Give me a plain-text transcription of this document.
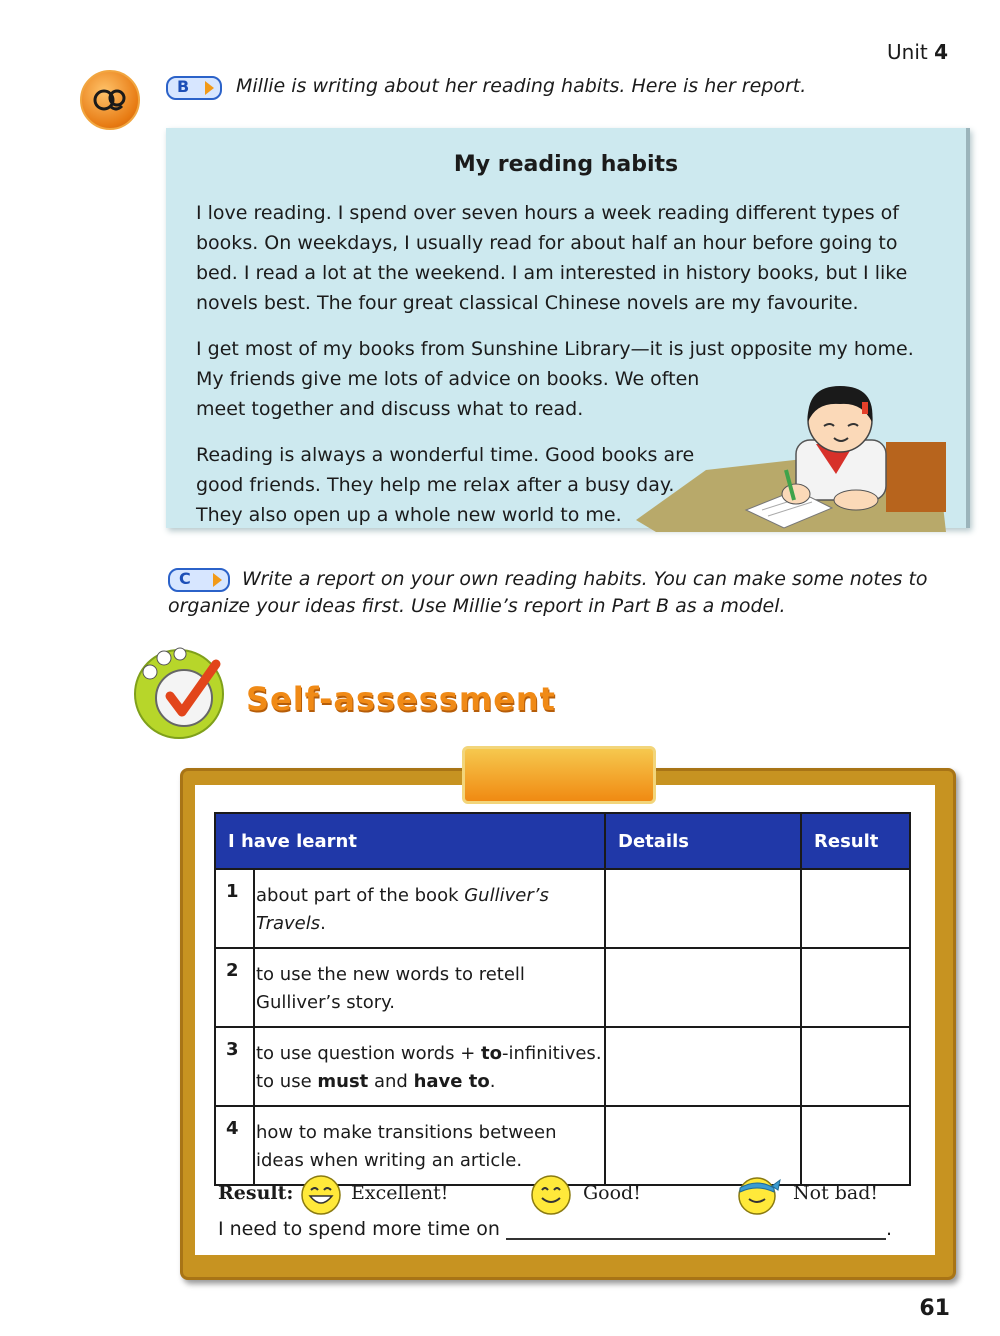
Unit 4
B Millie is writing about her reading habits. Here is her report.
My reading habits
I love reading. I spend over seven hours a week reading different types of
books. On weekdays, I usually read for about half an hour before going to
bed. I read a lot at the weekend. I am interested in history books, but I like
novels best. The four great classical Chinese novels are my favourite.
I get most of my books from Sunshine Library—it is just opposite my home.
My friends give me lots of advice on books. We often
meet together and discuss what to read.
Reading is always a wonderful time. Good books are
good friends. They help me relax after a busy day.
They also open up a whole new world to me.
C	Write a report on your own reading habits. You can make some notes to
organize your ideas first. Use Millie’s report in Part B as a model.
Self-assessment
I have learnt		Details	Result
1	about part of the book Gulliver’s
Travels.		

2	to use the new words to retell
Gulliver’s story.		

3	to use question words + to-infinitives.
to use must and have to.		

4	how to make transitions between
ideas when writing an article.		

Result:	Excellent!	Good!	Not bad!
I need to spend more time on	.
61
